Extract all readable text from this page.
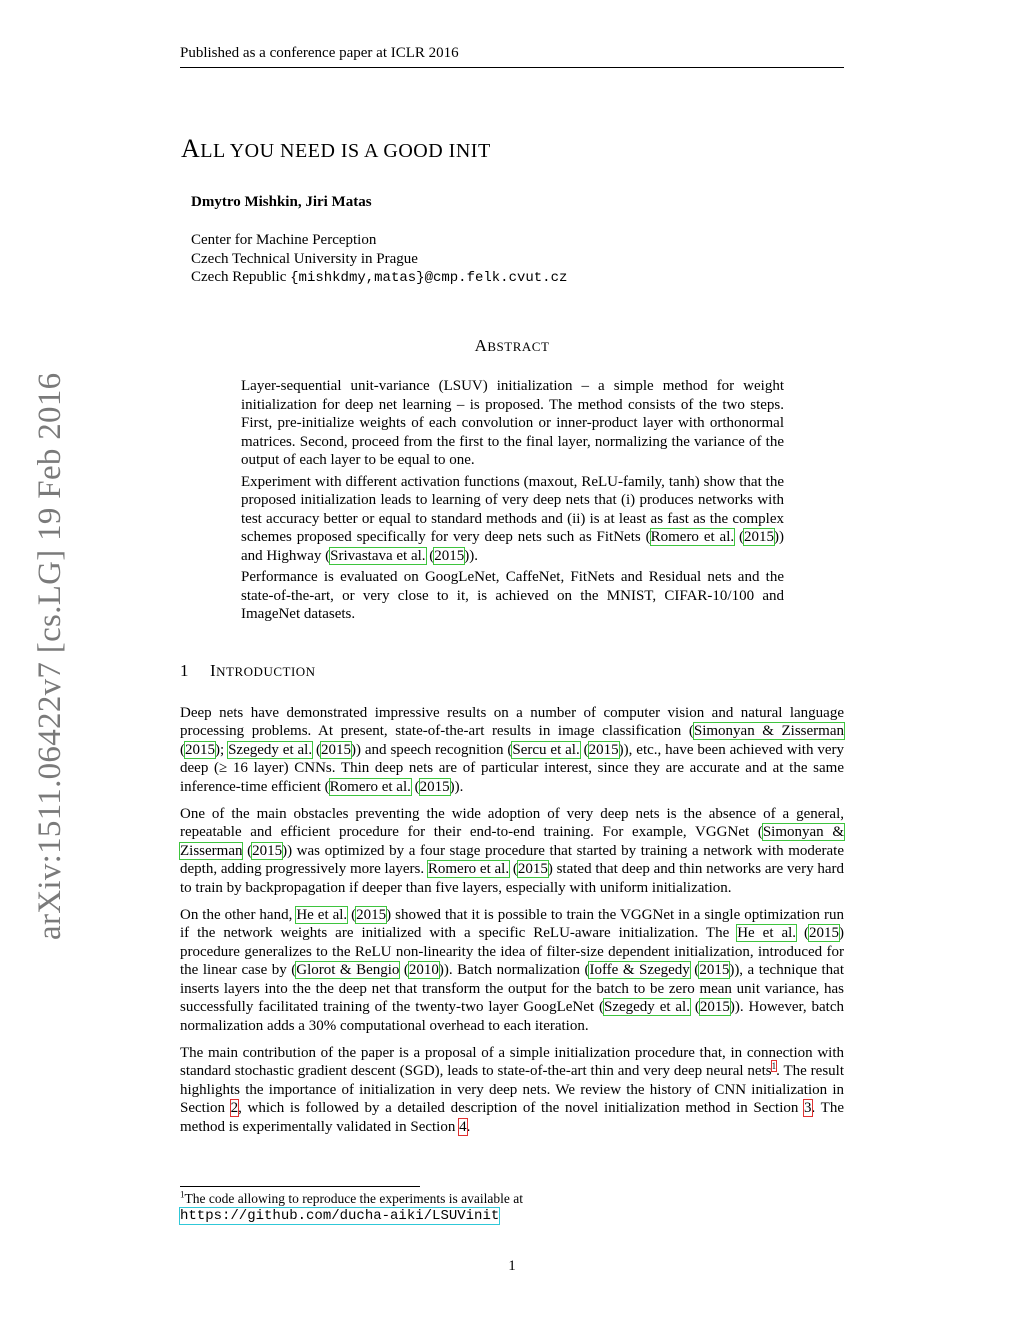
Published as a conference paper at ICLR 2016
ALL YOU NEED IS A GOOD INIT
Dmytro Mishkin, Jiri Matas
Center for Machine Perception
Czech Technical University in Prague
Czech Republic {mishkdmy,matas}@cmp.felk.cvut.cz
ABSTRACT

Layer-sequential unit-variance (LSUV) initialization – a simple method for weight initialization for deep net learning – is proposed. The method consists of the two steps. First, pre-initialize weights of each convolution or inner-product layer with orthonormal matrices. Second, proceed from the first to the final layer, normalizing the variance of the output of each layer to be equal to one.

Experiment with different activation functions (maxout, ReLU-family, tanh) show that the proposed initialization leads to learning of very deep nets that (i) produces networks with test accuracy better or equal to standard methods and (ii) is at least as fast as the complex schemes proposed specifically for very deep nets such as FitNets (Romero et al. (2015)) and Highway (Srivastava et al. (2015)).

Performance is evaluated on GoogLeNet, CaffeNet, FitNets and Residual nets and the state-of-the-art, or very close to it, is achieved on the MNIST, CIFAR-10/100 and ImageNet datasets.

1 INTRODUCTION

Deep nets have demonstrated impressive results on a number of computer vision and natural language processing problems. At present, state-of-the-art results in image classification (Simonyan & Zisserman (2015); Szegedy et al. (2015)) and speech recognition (Sercu et al. (2015)), etc., have been achieved with very deep (≥ 16 layer) CNNs. Thin deep nets are of particular interest, since they are accurate and at the same inference-time efficient (Romero et al. (2015)).

One of the main obstacles preventing the wide adoption of very deep nets is the absence of a general, repeatable and efficient procedure for their end-to-end training. For example, VGGNet (Simonyan & Zisserman (2015)) was optimized by a four stage procedure that started by training a network with moderate depth, adding progressively more layers. Romero et al. (2015) stated that deep and thin networks are very hard to train by backpropagation if deeper than five layers, especially with uniform initialization.

On the other hand, He et al. (2015) showed that it is possible to train the VGGNet in a single optimization run if the network weights are initialized with a specific ReLU-aware initialization. The He et al. (2015) procedure generalizes to the ReLU non-linearity the idea of filter-size dependent initialization, introduced for the linear case by (Glorot & Bengio (2010)). Batch normalization (Ioffe & Szegedy (2015)), a technique that inserts layers into the the deep net that transform the output for the batch to be zero mean unit variance, has successfully facilitated training of the twenty-two layer GoogLeNet (Szegedy et al. (2015)). However, batch normalization adds a 30% computational overhead to each iteration.

The main contribution of the paper is a proposal of a simple initialization procedure that, in connection with standard stochastic gradient descent (SGD), leads to state-of-the-art thin and very deep neural nets$^1$. The result highlights the importance of initialization in very deep nets. We review the history of CNN initialization in Section 2, which is followed by a detailed description of the novel initialization method in Section 3. The method is experimentally validated in Section 4.

$^1$The code allowing to reproduce the experiments is available at
https://github.com/ducha-aiki/LSUVinit
1
arXiv:1511.06422v7 [cs.LG] 19 Feb 2016
